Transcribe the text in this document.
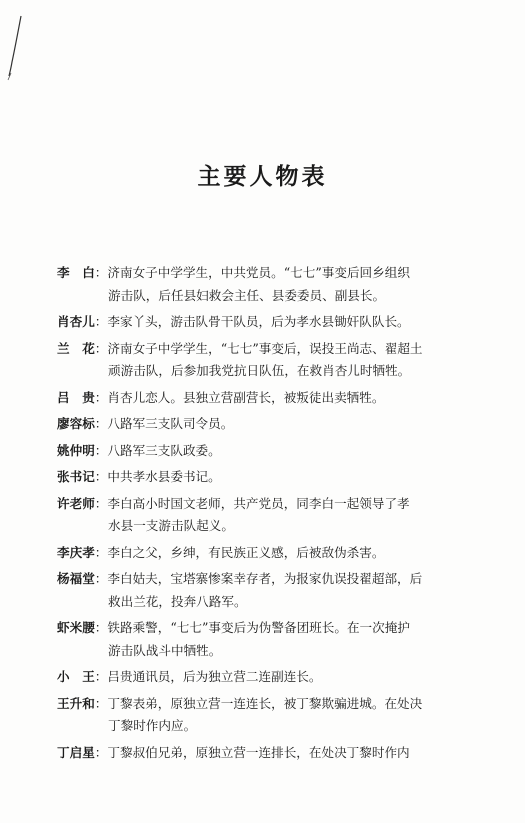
主要人物表
李　白：济南女子中学学生，中共党员。“七七”事变后回乡组织
游击队，后任县妇救会主任、县委委员、副县长。
肖杏儿：李家丫头，游击队骨干队员，后为孝水县锄奸队队长。
兰　花：济南女子中学学生，“七七”事变后，误投王尚志、翟超土
顽游击队，后参加我党抗日队伍，在救肖杏儿时牺牲。
吕　贵：肖杏儿恋人。县独立营副营长，被叛徒出卖牺牲。
廖容标：八路军三支队司令员。
姚仲明：八路军三支队政委。
张书记：中共孝水县委书记。
许老师：李白高小时国文老师，共产党员，同李白一起领导了孝
水县一支游击队起义。
李庆孝：李白之父，乡绅，有民族正义感，后被敌伪杀害。
杨福堂：李白姑夫，宝塔寨惨案幸存者，为报家仇误投翟超部，后
救出兰花，投奔八路军。
虾米腰：铁路乘警，“七七”事变后为伪警备团班长。在一次掩护
游击队战斗中牺牲。
小　王：吕贵通讯员，后为独立营二连副连长。
王升和：丁黎表弟，原独立营一连连长，被丁黎欺骗进城。在处决
丁黎时作内应。
丁启星：丁黎叔伯兄弟，原独立营一连排长，在处决丁黎时作内
